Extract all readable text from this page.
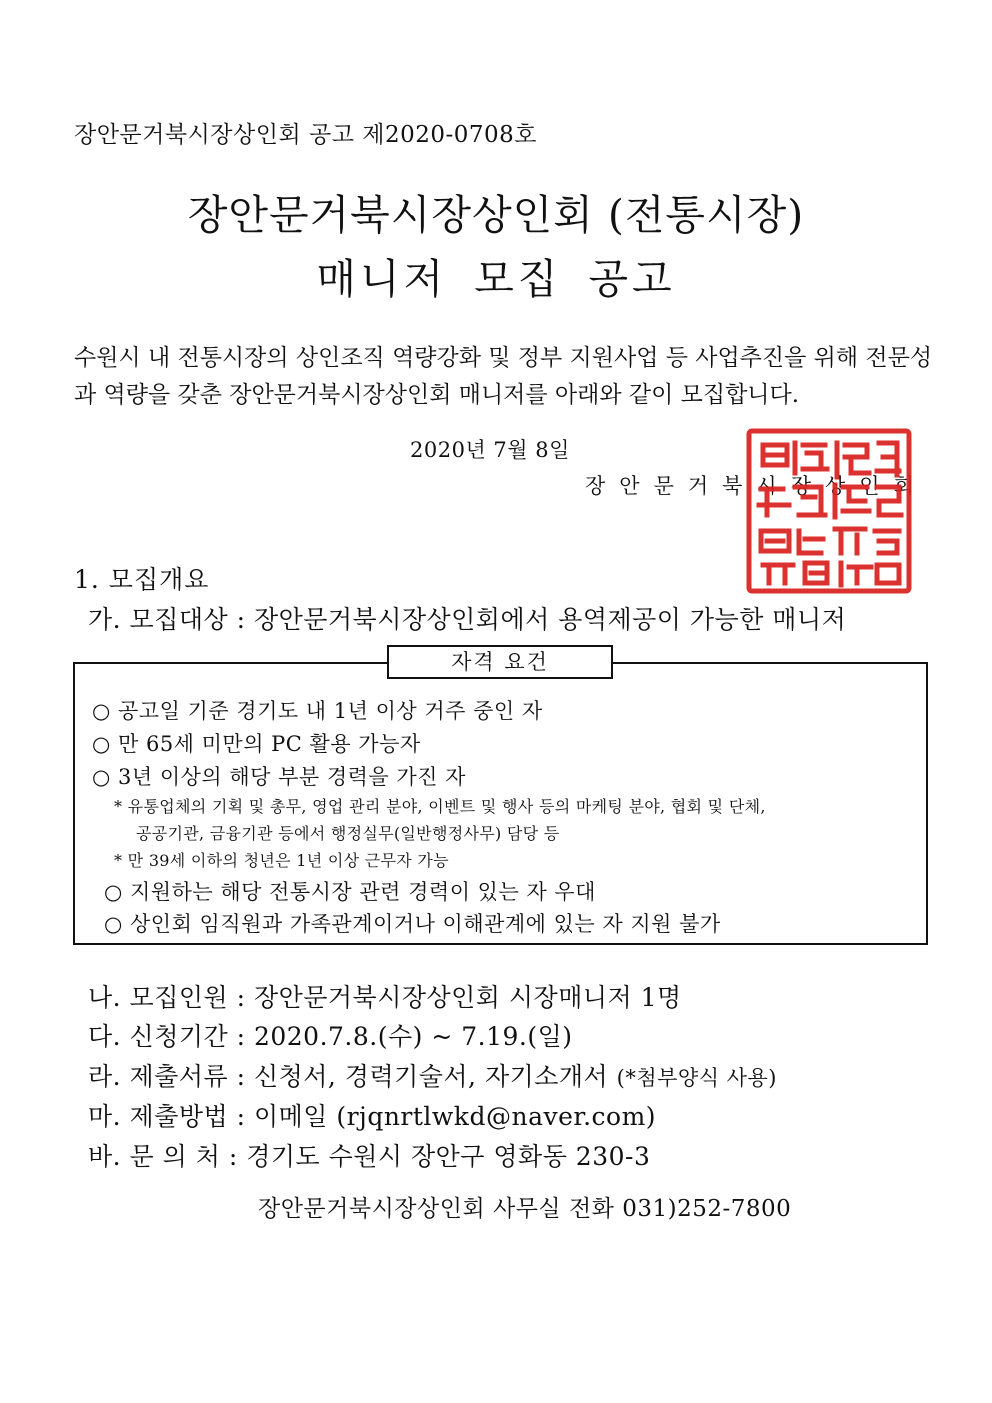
장안문거북시장상인회 공고 제2020-0708호
장안문거북시장상인회 (전통시장)
매니저 모집 공고
수원시 내 전통시장의 상인조직 역량강화 및 정부 지원사업 등 사업추진을 위해 전문성
과 역량을 갖춘 장안문거북시장상인회 매니저를 아래와 같이 모집합니다.
2020년 7월 8일
장안문거북시장상인회
1. 모집개요
가. 모집대상 : 장안문거북시장상인회에서 용역제공이 가능한 매니저
자격 요건
○ 공고일 기준 경기도 내 1년 이상 거주 중인 자
○ 만 65세 미만의 PC 활용 가능자
○ 3년 이상의 해당 부분 경력을 가진 자
* 유통업체의 기획 및 총무, 영업 관리 분야, 이벤트 및 행사 등의 마케팅 분야, 협회 및 단체,
공공기관, 금융기관 등에서 행정실무(일반행정사무) 담당 등
* 만 39세 이하의 청년은 1년 이상 근무자 가능
○ 지원하는 해당 전통시장 관련 경력이 있는 자 우대
○ 상인회 임직원과 가족관계이거나 이해관계에 있는 자 지원 불가
나. 모집인원 : 장안문거북시장상인회 시장매니저 1명
다. 신청기간 : 2020.7.8.(수) ~ 7.19.(일)
라. 제출서류 : 신청서, 경력기술서, 자기소개서 (*첨부양식 사용)
마. 제출방법 : 이메일 (rjqnrtlwkd@naver.com)
바. 문 의 처 : 경기도 수원시 장안구 영화동 230-3
장안문거북시장상인회 사무실 전화 031)252-7800
